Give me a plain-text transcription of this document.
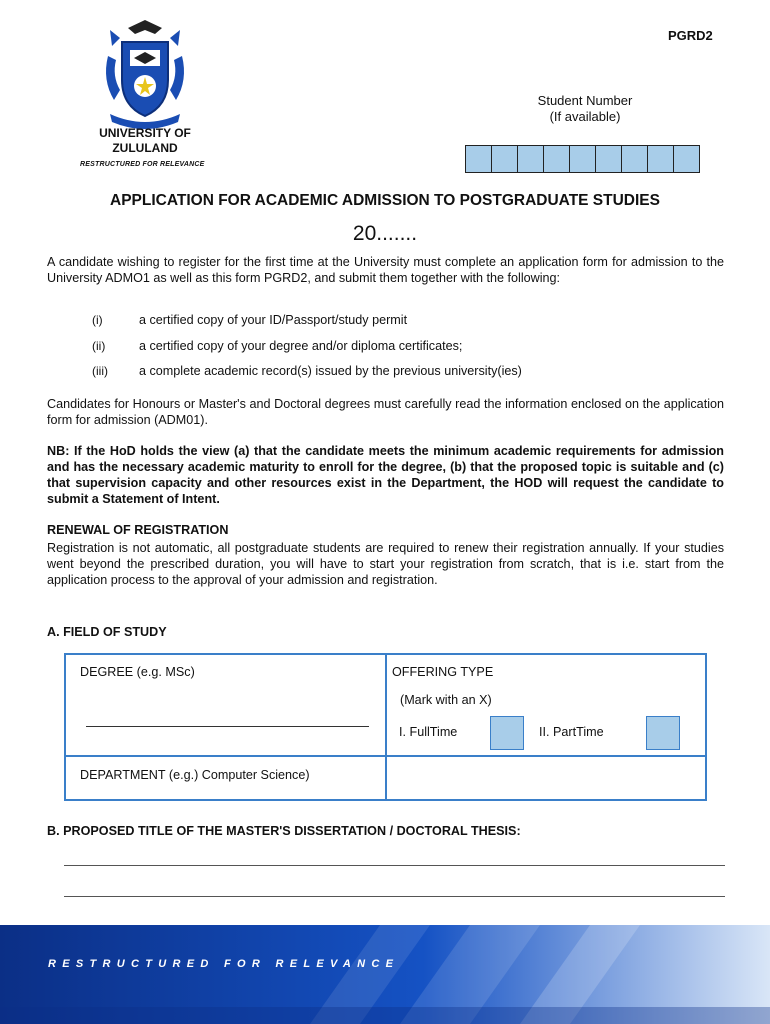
PGRD2
UNIVERSITY OF
ZULULAND
RESTRUCTURED FOR RELEVANCE
Student Number
(If available)
APPLICATION FOR ACADEMIC ADMISSION TO POSTGRADUATE STUDIES
20.......
A candidate wishing to register for the first time at the University must complete an application form for admission to the University ADMO1 as well as this form PGRD2, and submit them together with the following:
(i)	a certified copy of your ID/Passport/study permit
(ii)	a certified copy of your degree and/or diploma certificates;
(iii) a complete academic record(s) issued by the previous university(ies)
Candidates for Honours or Master's and Doctoral degrees must carefully read the information enclosed on the application form for admission (ADM01).
NB: If the HoD holds the view (a) that the candidate meets the minimum academic requirements for admission and has the necessary academic maturity to enroll for the degree, (b) that the proposed topic is suitable and (c) that supervision capacity and other resources exist in the Department, the HOD will request the candidate to submit a Statement of Intent.
RENEWAL OF REGISTRATION
Registration is not automatic, all postgraduate students are required to renew their registration annually. If your studies went beyond the prescribed duration, you will have to start your registration from scratch, that is i.e. start from the application process to the approval of your admission and registration.
A. FIELD OF STUDY
DEGREE (e.g. MSc)	OFFERING TYPE
(Mark with an X)
I. FullTime	II. PartTime
DEPARTMENT (e.g.) Computer Science)
B. PROPOSED TITLE OF THE MASTER'S DISSERTATION / DOCTORAL THESIS:
RESTRUCTURED FOR RELEVANCE
